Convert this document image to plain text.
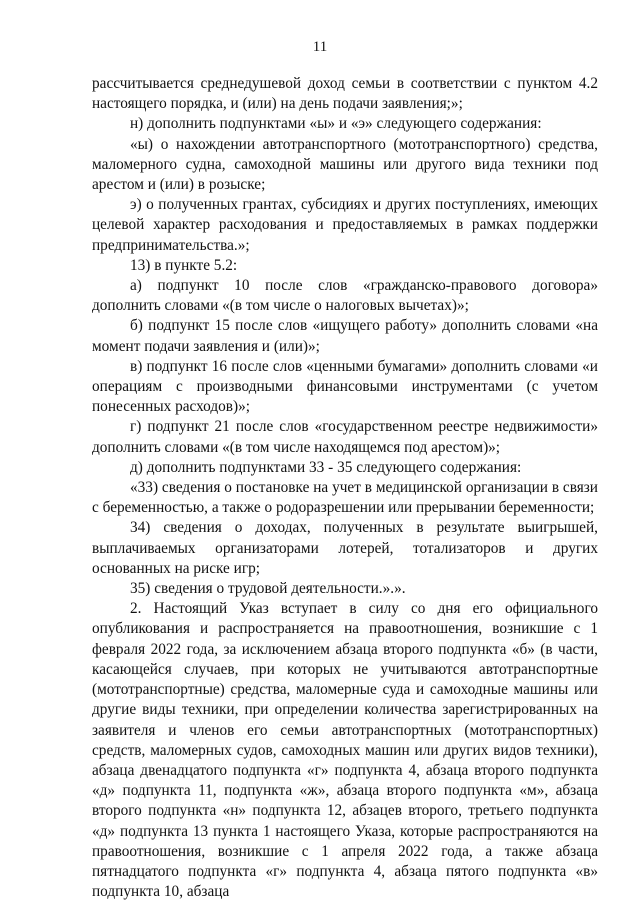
11

рассчитывается среднедушевой доход семьи в соответствии с пунктом 4.2 настоящего порядка, и (или) на день подачи заявления;»;

н) дополнить подпунктами «ы» и «э» следующего содержания:

«ы) о нахождении автотранспортного (мототранспортного) средства, маломерного судна, самоходной машины или другого вида техники под арестом и (или) в розыске;

э) о полученных грантах, субсидиях и других поступлениях, имеющих целевой характер расходования и предоставляемых в рамках поддержки предпринимательства.»;

13) в пункте 5.2:

а) подпункт 10 после слов «гражданско-правового договора» дополнить словами «(в том числе о налоговых вычетах)»;

б) подпункт 15 после слов «ищущего работу» дополнить словами «на момент подачи заявления и (или)»;

в) подпункт 16 после слов «ценными бумагами» дополнить словами «и операциям с производными финансовыми инструментами (с учетом понесенных расходов)»;

г) подпункт 21 после слов «государственном реестре недвижимости» дополнить словами «(в том числе находящемся под арестом)»;

д) дополнить подпунктами 33 - 35 следующего содержания:

«33) сведения о постановке на учет в медицинской организации в связи с беременностью, а также о родоразрешении или прерывании беременности;

34) сведения о доходах, полученных в результате выигрышей, выплачиваемых организаторами лотерей, тотализаторов и других основанных на риске игр;

35) сведения о трудовой деятельности.».».

2. Настоящий Указ вступает в силу со дня его официального опубликования и распространяется на правоотношения, возникшие с 1 февраля 2022 года, за исключением абзаца второго подпункта «б» (в части, касающейся случаев, при которых не учитываются автотранспортные (мототранспортные) средства, маломерные суда и самоходные машины или другие виды техники, при определении количества зарегистрированных на заявителя и членов его семьи автотранспортных (мототранспортных) средств, маломерных судов, самоходных машин или других видов техники), абзаца двенадцатого подпункта «г» подпункта 4, абзаца второго подпункта «д» подпункта 11, подпункта «ж», абзаца второго подпункта «м», абзаца второго подпункта «н» подпункта 12, абзацев второго, третьего подпункта «д» подпункта 13 пункта 1 настоящего Указа, которые распространяются на правоотношения, возникшие с 1 апреля 2022 года, а также абзаца пятнадцатого подпункта «г» подпункта 4, абзаца пятого подпункта «в» подпункта 10, абзаца
